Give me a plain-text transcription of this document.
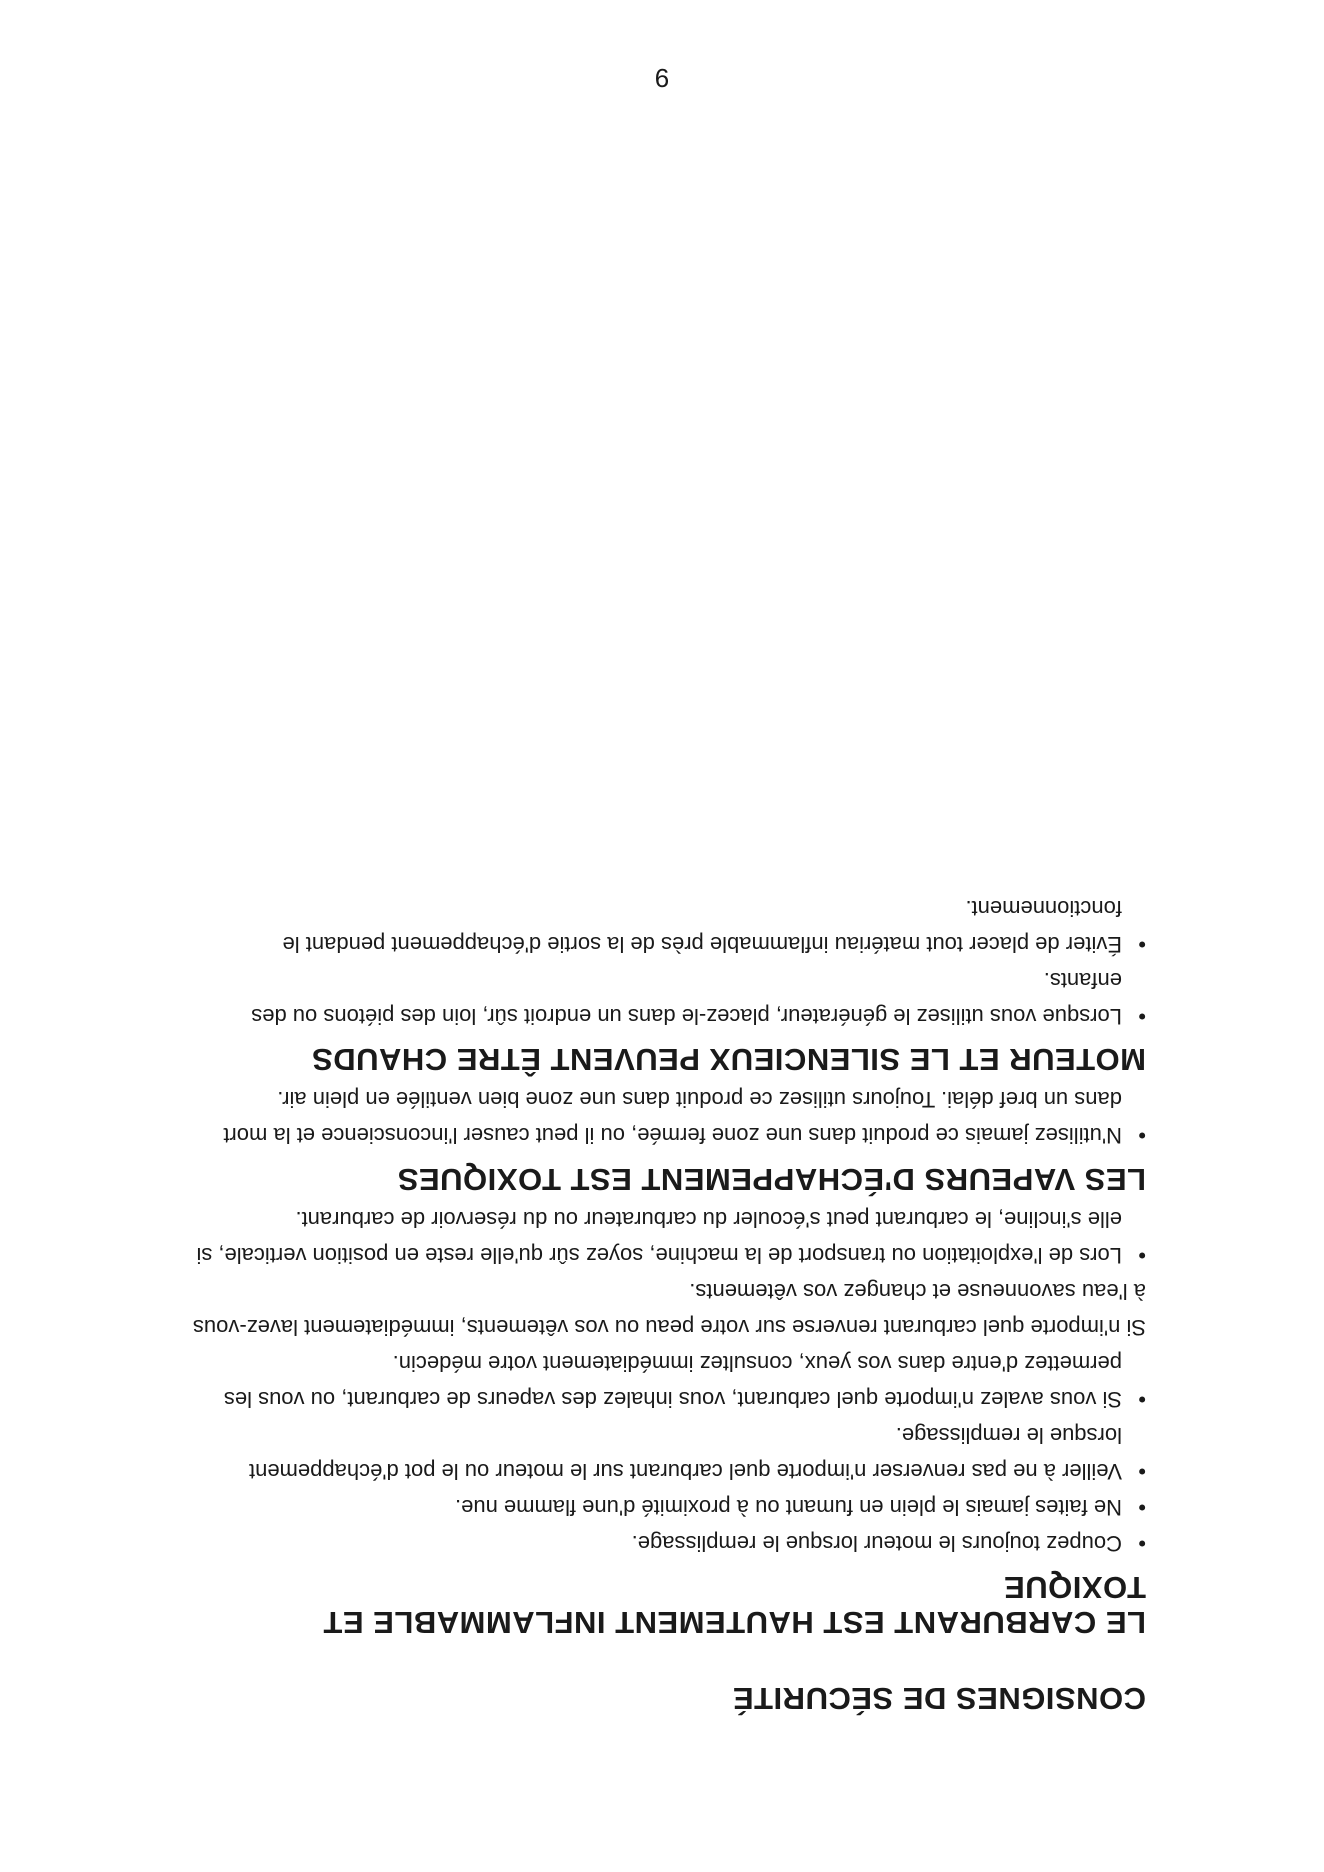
CONSIGNES DE SÉCURITÉ
LE CARBURANT EST HAUTEMENT INFLAMMABLE ET TOXIQUE
• Coupez toujours le moteur lorsque le remplissage.
• Ne faites jamais le plein en fumant ou à proximité d'une flamme nue.
• Veiller à ne pas renverser n'importe quel carburant sur le moteur ou le pot d'échappement lorsque le remplissage.
• Si vous avalez n'importe quel carburant, vous inhalez des vapeurs de carburant, ou vous les permettez d'entre dans vos yeux, consultez immédiatement votre médecin.
Si n'importe quel carburant renverse sur votre peau ou vos vêtements, immédiatement lavez-vous à l'eau savonneuse et changez vos vêtements.
• Lors de l'exploitation ou transport de la machine, soyez sûr qu'elle reste en position verticale, si elle s'incline, le carburant peut s'écouler du carburateur ou du réservoir de carburant.
LES VAPEURS D'ÉCHAPPEMENT EST TOXIQUES
• N'utilisez jamais ce produit dans une zone fermée, ou il peut causer l'inconscience et la mort dans un bref délai. Toujours utilisez ce produit dans une zone bien ventilée en plein air.
MOTEUR ET LE SILENCIEUX PEUVENT ÊTRE CHAUDS
• Lorsque vous utilisez le générateur, placez-le dans un endroit sûr, loin des piétons ou des enfants.
• Éviter de placer tout matériau inflammable près de la sortie d'échappement pendant le fonctionnement.
9
